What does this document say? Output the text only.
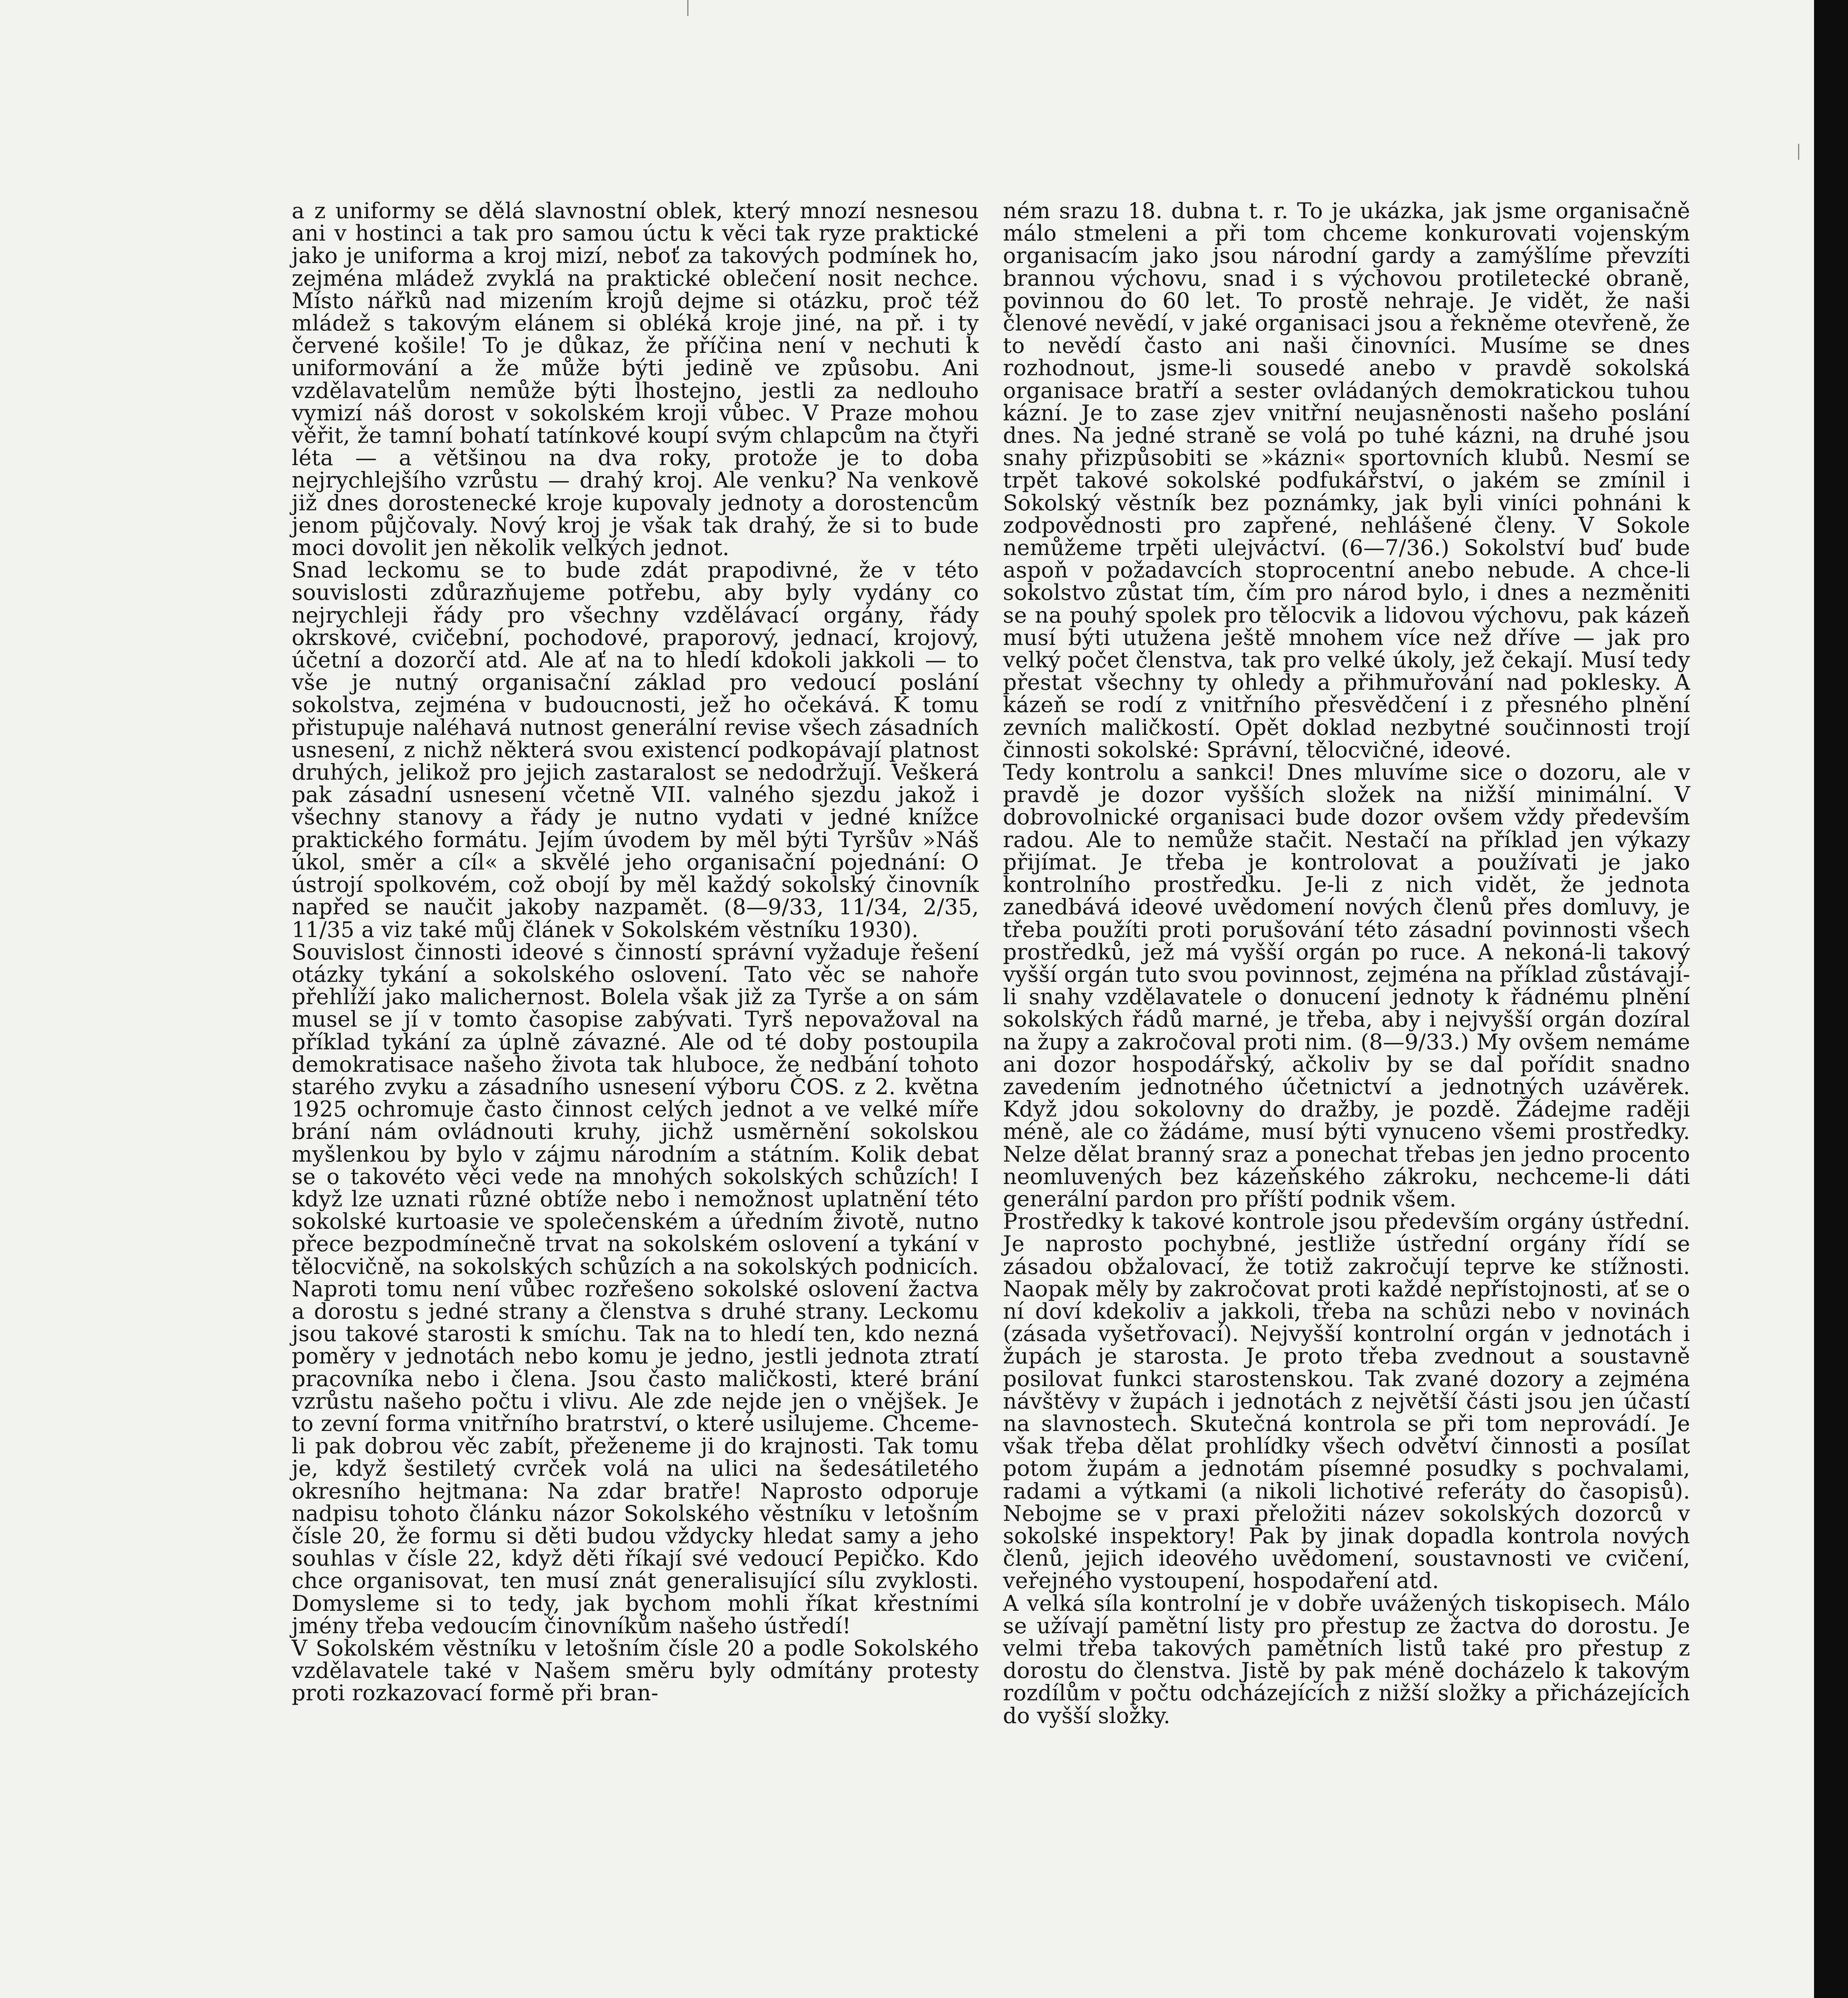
a z uniformy se dělá slavnostní oblek, který mnozí nesnesou ani v hostinci a tak pro samou úctu k věci tak ryze praktické jako je uniforma a kroj mizí, neboť za takových podmínek ho, zejména mládež zvyklá na praktické oblečení nosit nechce. Místo nářků nad mizením krojů dejme si otázku, proč též mládež s takovým elánem si obléká kroje jiné, na př. i ty červené košile! To je důkaz, že příčina není v nechuti k uniformování a že může býti jedině ve způsobu. Ani vzdělavatelům nemůže býti lhostejno, jestli za nedlouho vymizí náš dorost v sokolském kroji vůbec. V Praze mohou věřit, že tamní bohatí tatínkové koupí svým chlapcům na čtyři léta — a většinou na dva roky, protože je to doba nejrychlejšího vzrůstu — drahý kroj. Ale venku? Na venkově již dnes dorostenecké kroje kupovaly jednoty a dorostencům jenom půjčovaly. Nový kroj je však tak drahý, že si to bude moci dovolit jen několik velkých jednot.

Snad leckomu se to bude zdát prapodivné, že v této souvislosti zdůrazňujeme potřebu, aby byly vydány co nejrychleji řády pro všechny vzdělávací orgány, řády okrskové, cvičební, pochodové, praporový, jednací, krojový, účetní a dozorčí atd. Ale ať na to hledí kdokoli jakkoli — to vše je nutný organisační základ pro vedoucí poslání sokolstva, zejména v budoucnosti, jež ho očekává. K tomu přistupuje naléhavá nutnost generální revise všech zásadních usnesení, z nichž některá svou existencí podkopávají platnost druhých, jelikož pro jejich zastaralost se nedodržují. Veškerá pak zásadní usnesení včetně VII. valného sjezdu jakož i všechny stanovy a řády je nutno vydati v jedné knížce praktického formátu. Jejím úvodem by měl býti Tyršův »Náš úkol, směr a cíl« a skvělé jeho organisační pojednání: O ústrojí spolkovém, což obojí by měl každý sokolský činovník napřed se naučit jakoby nazpamět. (8—9/33, 11/34, 2/35, 11/35 a viz také můj článek v Sokolském věstníku 1930).

Souvislost činnosti ideové s činností správní vyžaduje řešení otázky tykání a sokolského oslovení. Tato věc se nahoře přehlíží jako malichernost. Bolela však již za Tyrše a on sám musel se jí v tomto časopise zabývati. Tyrš nepovažoval na příklad tykání za úplně závazné. Ale od té doby postoupila demokratisace našeho života tak hluboce, že nedbání tohoto starého zvyku a zásadního usnesení výboru ČOS. z 2. května 1925 ochromuje často činnost celých jednot a ve velké míře brání nám ovládnouti kruhy, jichž usměrnění sokolskou myšlenkou by bylo v zájmu národním a státním. Kolik debat se o takovéto věci vede na mnohých sokolských schůzích! I když lze uznati různé obtíže nebo i nemožnost uplatnění této sokolské kurtoasie ve společenském a úředním životě, nutno přece bezpodmínečně trvat na sokolském oslovení a tykání v tělocvičně, na sokolských schůzích a na sokolských podnicích. Naproti tomu není vůbec rozřešeno sokolské oslovení žactva a dorostu s jedné strany a členstva s druhé strany. Leckomu jsou takové starosti k smíchu. Tak na to hledí ten, kdo nezná poměry v jednotách nebo komu je jedno, jestli jednota ztratí pracovníka nebo i člena. Jsou často maličkosti, které brání vzrůstu našeho počtu i vlivu. Ale zde nejde jen o vnějšek. Je to zevní forma vnitřního bratrství, o které usilujeme. Chceme-li pak dobrou věc zabít, přeženeme ji do krajnosti. Tak tomu je, když šestiletý cvrček volá na ulici na šedesátiletého okresního hejtmana: Na zdar bratře! Naprosto odporuje nadpisu tohoto článku názor Sokolského věstníku v letošním čísle 20, že formu si děti budou vždycky hledat samy a jeho souhlas v čísle 22, když děti říkají své vedoucí Pepičko. Kdo chce organisovat, ten musí znát generalisující sílu zvyklosti. Domysleme si to tedy, jak bychom mohli říkat křestními jmény třeba vedoucím činovníkům našeho ústředí!

V Sokolském věstníku v letošním čísle 20 a podle Sokolského vzdělavatele také v Našem směru byly odmítány protesty proti rozkazovací formě při bran-

ném srazu 18. dubna t. r. To je ukázka, jak jsme organisačně málo stmeleni a při tom chceme konkurovati vojenským organisacím jako jsou národní gardy a zamýšlíme převzíti brannou výchovu, snad i s výchovou protiletecké obraně, povinnou do 60 let. To prostě nehraje. Je vidět, že naši členové nevědí, v jaké organisaci jsou a řekněme otevřeně, že to nevědí často ani naši činovníci. Musíme se dnes rozhodnout, jsme-li sousedé anebo v pravdě sokolská organisace bratří a sester ovládaných demokratickou tuhou kázní. Je to zase zjev vnitřní neujasněnosti našeho poslání dnes. Na jedné straně se volá po tuhé kázni, na druhé jsou snahy přizpůsobiti se »kázni« sportovních klubů. Nesmí se trpět takové sokolské podfukářství, o jakém se zmínil i Sokolský věstník bez poznámky, jak byli viníci pohnáni k zodpovědnosti pro zapřené, nehlášené členy. V Sokole nemůžeme trpěti ulejváctví. (6—7/36.) Sokolství buď bude aspoň v požadavcích stoprocentní anebo nebude. A chce-li sokolstvo zůstat tím, čím pro národ bylo, i dnes a nezměniti se na pouhý spolek pro tělocvik a lidovou výchovu, pak kázeň musí býti utužena ještě mnohem více než dříve — jak pro velký počet členstva, tak pro velké úkoly, jež čekají. Musí tedy přestat všechny ty ohledy a přihmuřování nad poklesky. A kázeň se rodí z vnitřního přesvědčení i z přesného plnění zevních maličkostí. Opět doklad nezbytné součinnosti trojí činnosti sokolské: Správní, tělocvičné, ideové.

Tedy kontrolu a sankci! Dnes mluvíme sice o dozoru, ale v pravdě je dozor vyšších složek na nižší minimální. V dobrovolnické organisaci bude dozor ovšem vždy především radou. Ale to nemůže stačit. Nestačí na příklad jen výkazy přijímat. Je třeba je kontrolovat a používati je jako kontrolního prostředku. Je-li z nich vidět, že jednota zanedbává ideové uvědomení nových členů přes domluvy, je třeba použíti proti porušování této zásadní povinnosti všech prostředků, jež má vyšší orgán po ruce. A nekoná-li takový vyšší orgán tuto svou povinnost, zejména na příklad zůstávají-li snahy vzdělavatele o donucení jednoty k řádnému plnění sokolských řádů marné, je třeba, aby i nejvyšší orgán dozíral na župy a zakročoval proti nim. (8—9/33.) My ovšem nemáme ani dozor hospodářský, ačkoliv by se dal pořídit snadno zavedením jednotného účetnictví a jednotných uzávěrek. Když jdou sokolovny do dražby, je pozdě. Žádejme raději méně, ale co žádáme, musí býti vynuceno všemi prostředky. Nelze dělat branný sraz a ponechat třebas jen jedno procento neomluvených bez kázeňského zákroku, nechceme-li dáti generální pardon pro příští podnik všem.

Prostředky k takové kontrole jsou především orgány ústřední. Je naprosto pochybné, jestliže ústřední orgány řídí se zásadou obžalovací, že totiž zakročují teprve ke stížnosti. Naopak měly by zakročovat proti každé nepřístojnosti, ať se o ní doví kdekoliv a jakkoli, třeba na schůzi nebo v novinách (zásada vyšetřovací). Nejvyšší kontrolní orgán v jednotách i župách je starosta. Je proto třeba zvednout a soustavně posilovat funkci starostenskou. Tak zvané dozory a zejména návštěvy v župách i jednotách z největší části jsou jen účastí na slavnostech. Skutečná kontrola se při tom neprovádí. Je však třeba dělat prohlídky všech odvětví činnosti a posílat potom župám a jednotám písemné posudky s pochvalami, radami a výtkami (a nikoli lichotivé referáty do časopisů). Nebojme se v praxi přeložiti název sokolských dozorců v sokolské inspektory! Pak by jinak dopadla kontrola nových členů, jejich ideového uvědomení, soustavnosti ve cvičení, veřejného vystoupení, hospodaření atd.

A velká síla kontrolní je v dobře uvážených tiskopisech. Málo se užívají pamětní listy pro přestup ze žactva do dorostu. Je velmi třeba takových pamětních listů také pro přestup z dorostu do členstva. Jistě by pak méně docházelo k takovým rozdílům v počtu odcházejících z nižší složky a přicházejících do vyšší složky.
